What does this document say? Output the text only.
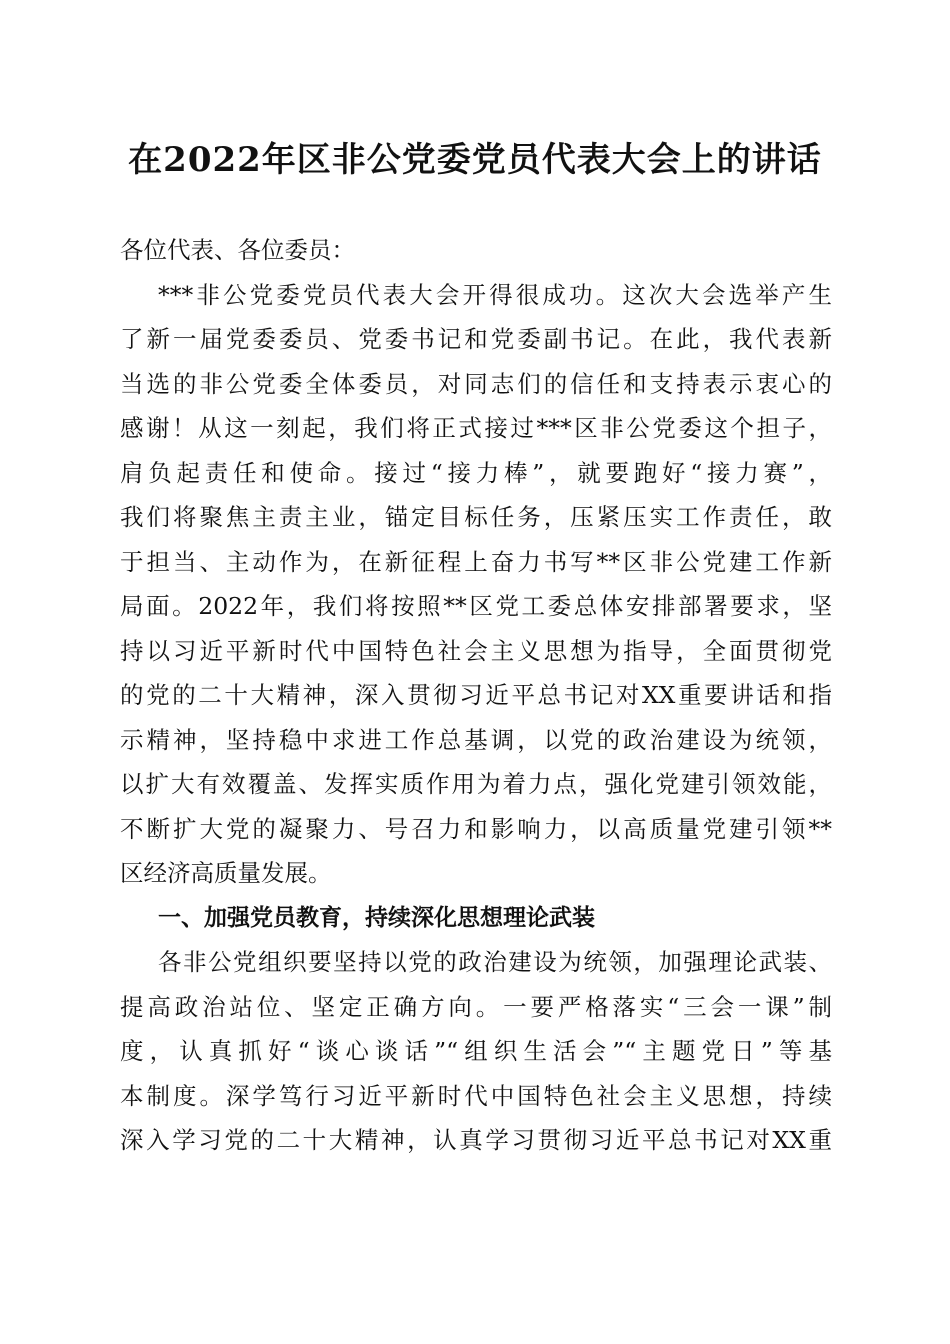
在2022年区非公党委党员代表大会上的讲话
各位代表、各位委员：
***非公党委党员代表大会开得很成功。这次大会选举产生
了新一届党委委员、党委书记和党委副书记。在此，我代表新
当选的非公党委全体委员，对同志们的信任和支持表示衷心的
感谢！从这一刻起，我们将正式接过***区非公党委这个担子，
肩负起责任和使命。接过“接力棒”，就要跑好“接力赛”，
我们将聚焦主责主业，锚定目标任务，压紧压实工作责任，敢
于担当、主动作为，在新征程上奋力书写**区非公党建工作新
局面。2022年，我们将按照**区党工委总体安排部署要求，坚
持以习近平新时代中国特色社会主义思想为指导，全面贯彻党
的党的二十大精神，深入贯彻习近平总书记对XX重要讲话和指
示精神，坚持稳中求进工作总基调，以党的政治建设为统领，
以扩大有效覆盖、发挥实质作用为着力点，强化党建引领效能，
不断扩大党的凝聚力、号召力和影响力，以高质量党建引领**
区经济高质量发展。
一、加强党员教育，持续深化思想理论武装
各非公党组织要坚持以党的政治建设为统领，加强理论武装、
提高政治站位、坚定正确方向。一要严格落实“三会一课”制
度，认真抓好“谈心谈话”“组织生活会”“主题党日”等基
本制度。深学笃行习近平新时代中国特色社会主义思想，持续
深入学习党的二十大精神，认真学习贯彻习近平总书记对XX重
